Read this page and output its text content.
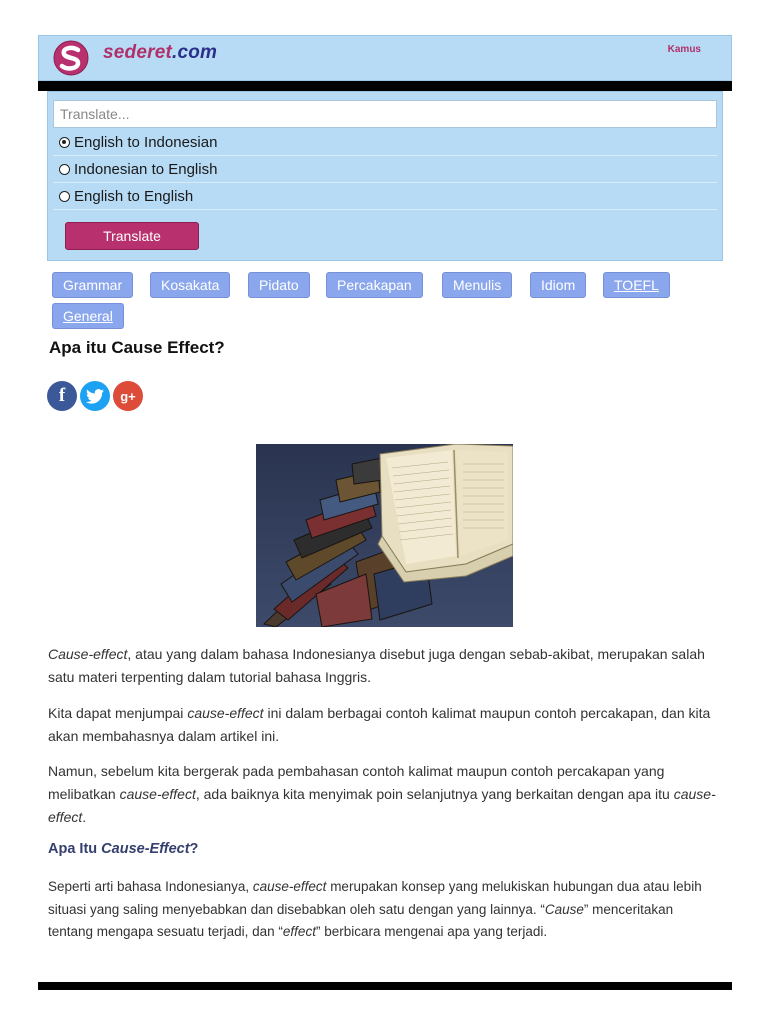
sederet.com	Kamus
Translate...
English to Indonesian
Indonesian to English
English to English
Translate
Grammar	Kosakata	Pidato	Percakapan	Menulis	Idiom	TOEFL
General
Apa itu Cause Effect?
f	g+

Cause-effect, atau yang dalam bahasa Indonesianya disebut juga dengan sebab-akibat, merupakan salah satu materi terpenting dalam tutorial bahasa Inggris.

Kita dapat menjumpai cause-effect ini dalam berbagai contoh kalimat maupun contoh percakapan, dan kita akan membahasnya dalam artikel ini.

Namun, sebelum kita bergerak pada pembahasan contoh kalimat maupun contoh percakapan yang melibatkan cause-effect, ada baiknya kita menyimak poin selanjutnya yang berkaitan dengan apa itu cause-effect.

Apa Itu Cause-Effect?

Seperti arti bahasa Indonesianya, cause-effect merupakan konsep yang melukiskan hubungan dua atau lebih situasi yang saling menyebabkan dan disebabkan oleh satu dengan yang lainnya. “Cause” menceritakan tentang mengapa sesuatu terjadi, dan “effect” berbicara mengenai apa yang terjadi.
